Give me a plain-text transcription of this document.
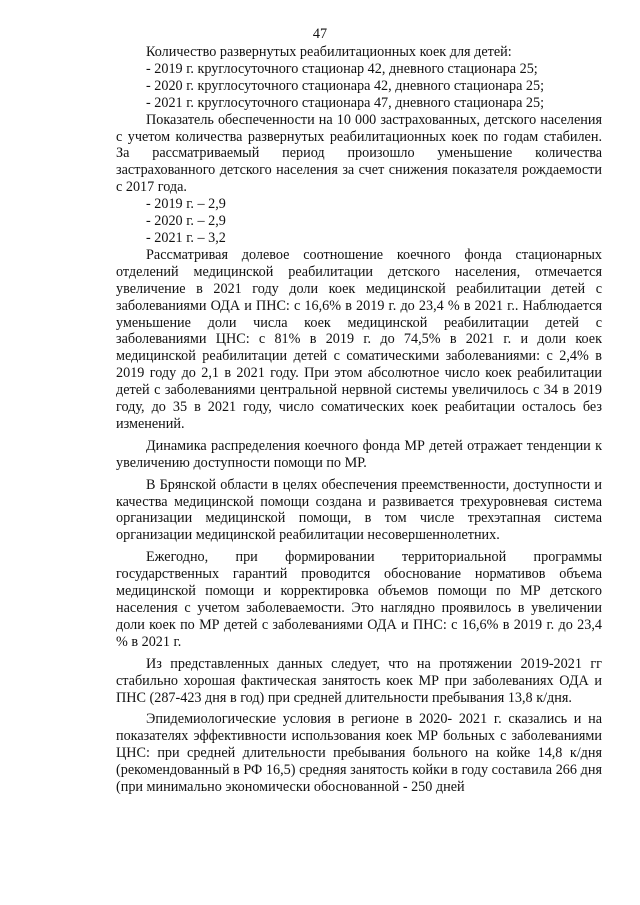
47

Количество развернутых реабилитационных коек для детей:

- 2019 г. круглосуточного стационар 42, дневного стационара 25;

- 2020 г. круглосуточного стационара 42, дневного стационара 25;

- 2021 г. круглосуточного стационара 47, дневного стационара 25;

Показатель обеспеченности на 10 000 застрахованных, детского населения с учетом количества развернутых реабилитационных коек по годам стабилен. За рассматриваемый период произошло уменьшение количества застрахованного детского населения за счет снижения показателя рождаемости с 2017 года.

- 2019 г. – 2,9

- 2020 г. – 2,9

- 2021 г. – 3,2

Рассматривая долевое соотношение коечного фонда стационарных отделений медицинской реабилитации детского населения, отмечается увеличение в 2021 году доли коек медицинской реабилитации детей с заболеваниями ОДА и ПНС: с 16,6% в 2019 г. до 23,4 % в 2021 г.. Наблюдается уменьшение доли числа коек медицинской реабилитации детей с заболеваниями ЦНС: с 81% в 2019 г. до 74,5% в 2021 г. и доли коек медицинской реабилитации детей с соматическими заболеваниями: с 2,4% в 2019 году до 2,1 в 2021 году. При этом абсолютное число коек реабилитации детей с заболеваниями центральной нервной системы увеличилось с 34 в 2019 году, до 35 в 2021 году, число соматических коек реабитации осталось без изменений.

Динамика распределения коечного фонда МР детей отражает тенденции к увеличению доступности помощи по МР.

В Брянской области в целях обеспечения преемственности, доступности и качества медицинской помощи создана и развивается трехуровневая система организации медицинской помощи, в том числе трехэтапная система организации медицинской реабилитации несовершеннолетних.

Ежегодно, при формировании территориальной программы государственных гарантий проводится обоснование нормативов объема медицинской помощи и корректировка объемов помощи по МР детского населения с учетом заболеваемости. Это наглядно проявилось в увеличении доли коек по МР детей с заболеваниями ОДА и ПНС: с 16,6% в 2019 г. до 23,4 % в 2021 г.

Из представленных данных следует, что на протяжении 2019-2021 гг стабильно хорошая фактическая занятость коек МР при заболеваниях ОДА и ПНС (287-423 дня в год) при средней длительности пребывания 13,8 к/дня.

Эпидемиологические условия в регионе в 2020- 2021 г. сказались и на показателях эффективности использования коек МР больных с заболеваниями ЦНС: при средней длительности пребывания больного на койке 14,8 к/дня (рекомендованный в РФ 16,5) средняя занятость койки в году составила 266 дня (при минимально экономически обоснованной - 250 дней
